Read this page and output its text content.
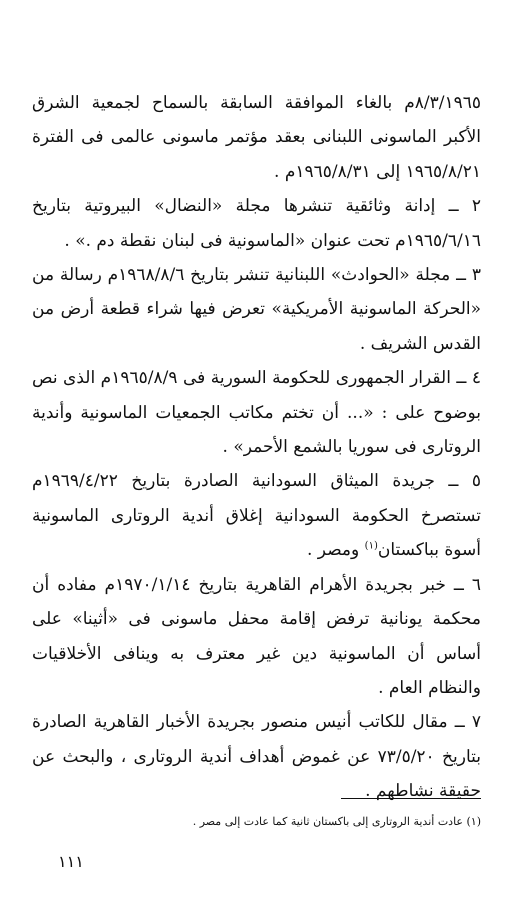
٨/٣/١٩٦٥م بالغاء الموافقة السابقة بالسماح لجمعية الشرق الأكبر الماسونى اللبنانى بعقد مؤتمر ماسونى عالمى فى الفترة ١٩٦٥/٨/٢١ إلى ١٩٦٥/٨/٣١م .

٢ ــ إدانة وثائقية تنشرها مجلة «النضال» البيروتية بتاريخ ١٩٦٥/٦/١٦م تحت عنوان «الماسونية فى لبنان نقطة دم .» .

٣ ــ مجلة «الحوادث» اللبنانية تنشر بتاريخ ١٩٦٨/٨/٦م رسالة من «الحركة الماسونية الأمريكية» تعرض فيها شراء قطعة أرض من القدس الشريف .

٤ ــ القرار الجمهورى للحكومة السورية فى ١٩٦٥/٨/٩م الذى نص بوضوح على : «... أن تختم مكاتب الجمعيات الماسونية وأندية الروتارى فى سوريا بالشمع الأحمر» .

٥ ــ جريدة الميثاق السودانية الصادرة بتاريخ ١٩٦٩/٤/٢٢م تستصرخ الحكومة السودانية إغلاق أندية الروتارى الماسونية أسوة بباكستان$^{(١)}$ ومصر .

٦ ــ خبر بجريدة الأهرام القاهرية بتاريخ ١٩٧٠/١/١٤م مفاده أن محكمة يونانية ترفض إقامة محفل ماسونى فى «أثينا» على أساس أن الماسونية دين غير معترف به وينافى الأخلاقيات والنظام العام .

٧ ــ مقال للكاتب أنيس منصور بجريدة الأخبار القاهرية الصادرة بتاريخ ٧٣/٥/٢٠ عن غموض أهداف أندية الروتارى ، والبحث عن حقيقة نشاطهم .

(١) عادت أندية الروتارى إلى باكستان ثانية كما عادت إلى مصر .

١١١
